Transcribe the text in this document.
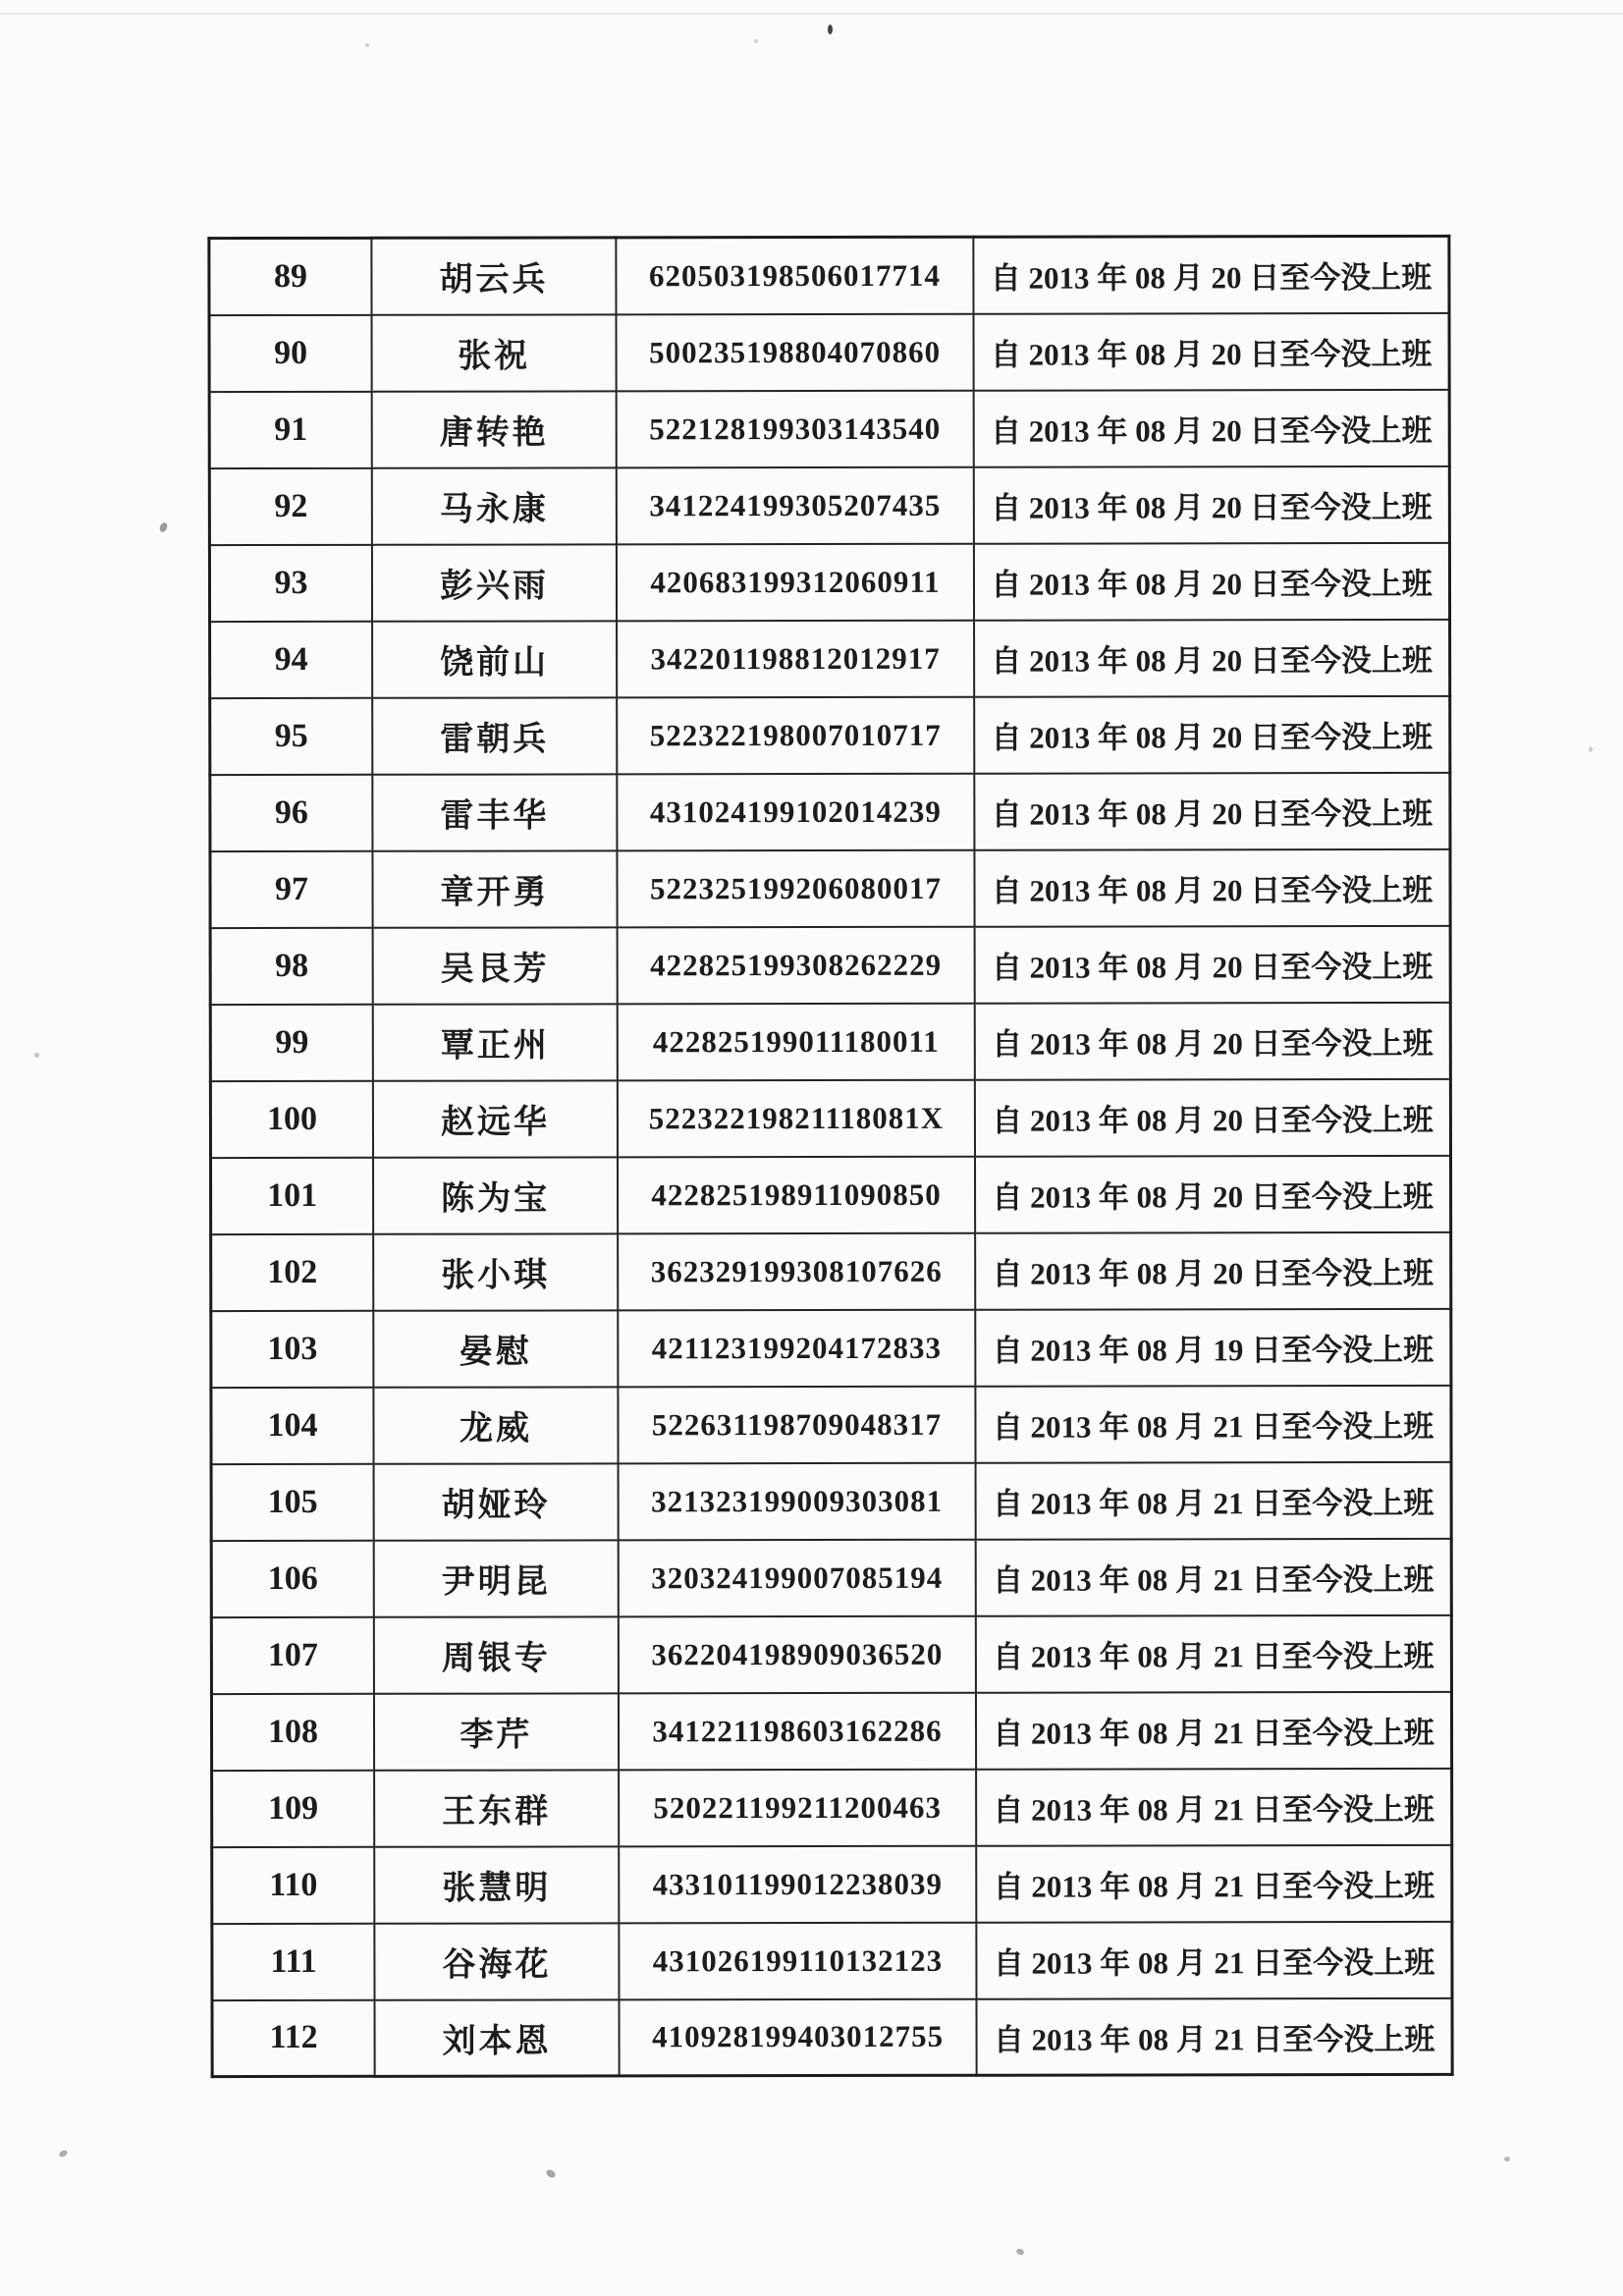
89	胡云兵	620503198506017714	自 2013 年 08 月 20 日至今没上班
90	张祝	500235198804070860	自 2013 年 08 月 20 日至今没上班
91	唐转艳	522128199303143540	自 2013 年 08 月 20 日至今没上班
92	马永康	341224199305207435	自 2013 年 08 月 20 日至今没上班
93	彭兴雨	420683199312060911	自 2013 年 08 月 20 日至今没上班
94	饶前山	342201198812012917	自 2013 年 08 月 20 日至今没上班
95	雷朝兵	522322198007010717	自 2013 年 08 月 20 日至今没上班
96	雷丰华	431024199102014239	自 2013 年 08 月 20 日至今没上班
97	章开勇	522325199206080017	自 2013 年 08 月 20 日至今没上班
98	吴艮芳	422825199308262229	自 2013 年 08 月 20 日至今没上班
99	覃正州	422825199011180011	自 2013 年 08 月 20 日至今没上班
100	赵远华	52232219821118081X	自 2013 年 08 月 20 日至今没上班
101	陈为宝	422825198911090850	自 2013 年 08 月 20 日至今没上班
102	张小琪	362329199308107626	自 2013 年 08 月 20 日至今没上班
103	晏慰	421123199204172833	自 2013 年 08 月 19 日至今没上班
104	龙威	522631198709048317	自 2013 年 08 月 21 日至今没上班
105	胡娅玲	321323199009303081	自 2013 年 08 月 21 日至今没上班
106	尹明昆	320324199007085194	自 2013 年 08 月 21 日至今没上班
107	周银专	362204198909036520	自 2013 年 08 月 21 日至今没上班
108	李芹	341221198603162286	自 2013 年 08 月 21 日至今没上班
109	王东群	520221199211200463	自 2013 年 08 月 21 日至今没上班
110	张慧明	433101199012238039	自 2013 年 08 月 21 日至今没上班
111	谷海花	431026199110132123	自 2013 年 08 月 21 日至今没上班
112	刘本恩	410928199403012755	自 2013 年 08 月 21 日至今没上班
